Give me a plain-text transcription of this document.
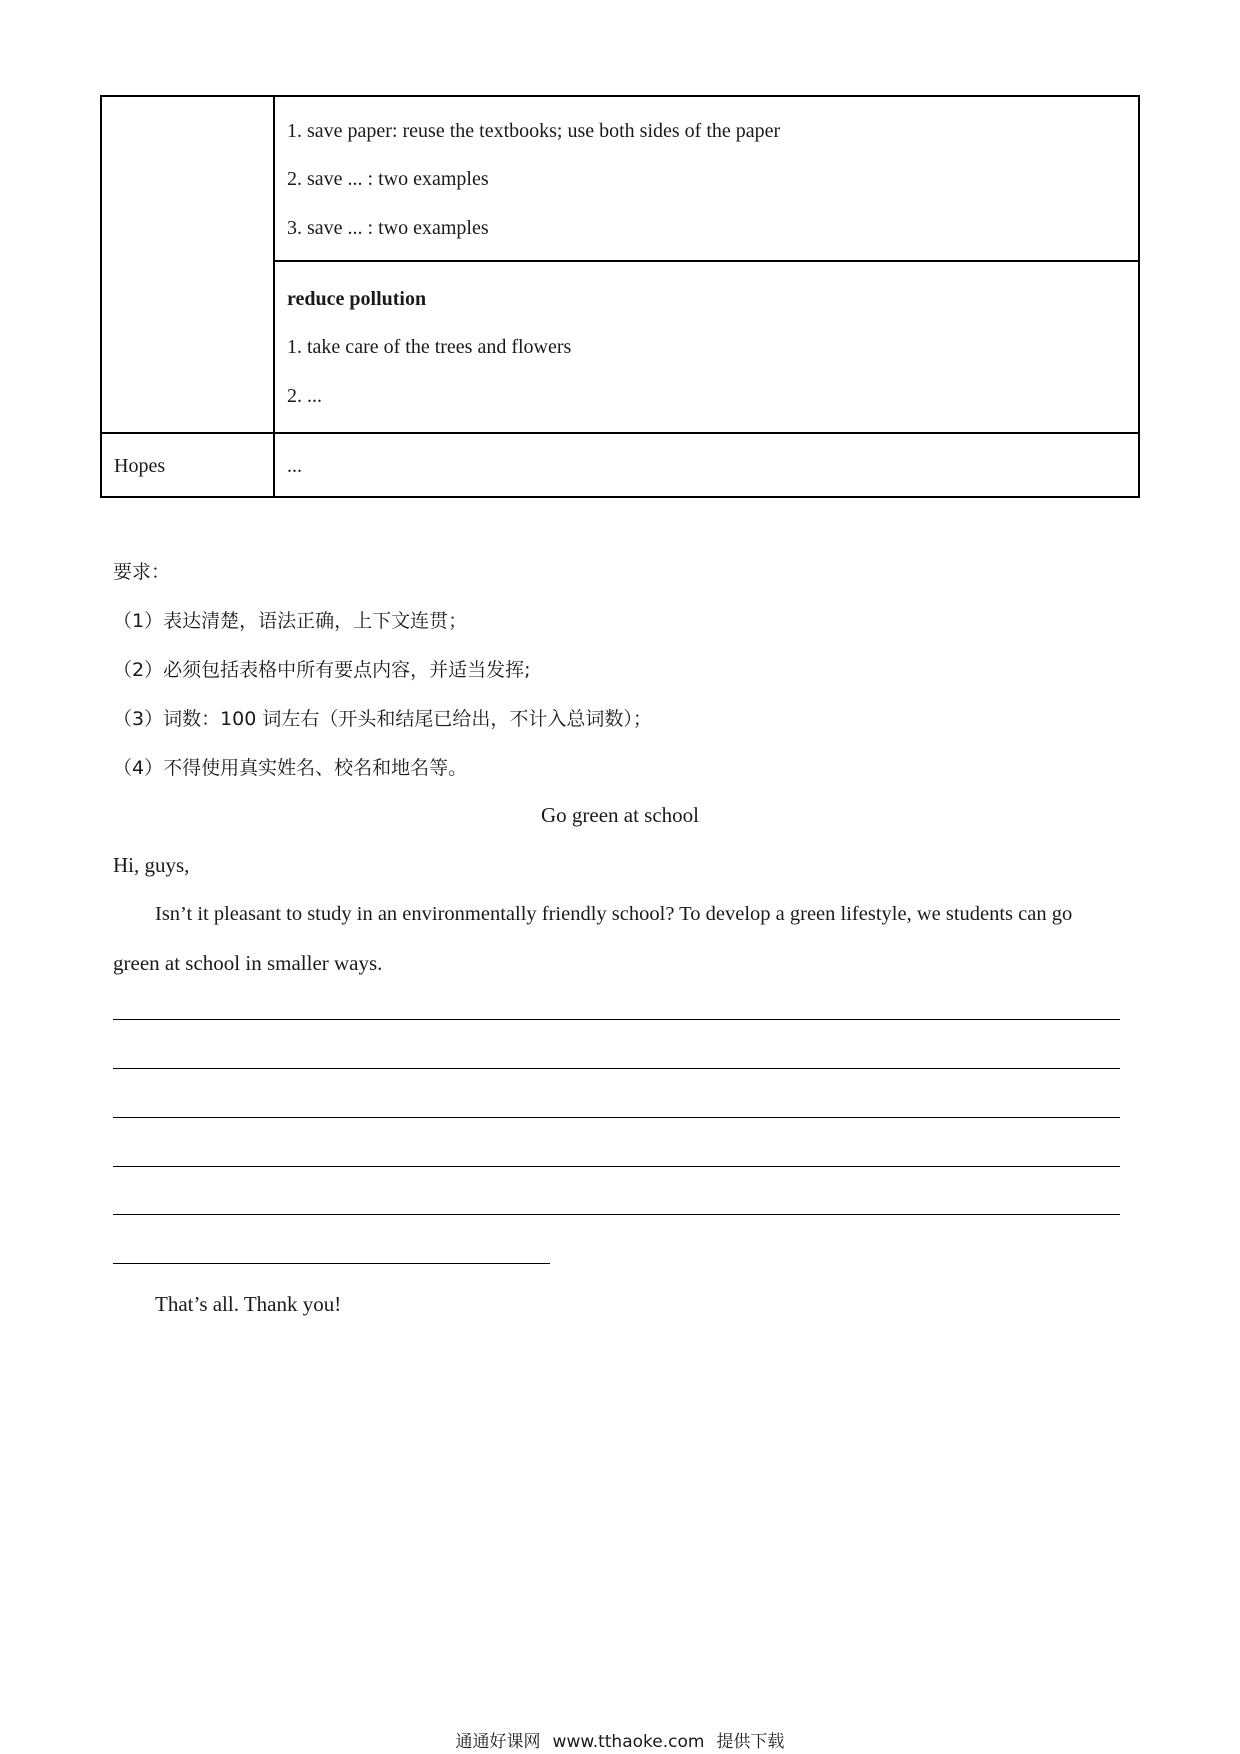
1. save paper: reuse the textbooks; use both sides of the paper
2. save ... : two examples
3. save ... : two examples
reduce pollution
1. take care of the trees and flowers
2. ...
Hopes	...
要求：
（1）表达清楚，语法正确，上下文连贯；
（2）必须包括表格中所有要点内容，并适当发挥;
（3）词数：100 词左右（开头和结尾已给出，不计入总词数）；
（4）不得使用真实姓名、校名和地名等。
Go green at school
Hi, guys,
Isn’t it pleasant to study in an environmentally friendly school? To develop a green lifestyle, we students can go
green at school in smaller ways.
That’s all. Thank you!
通通好课网 www.tthaoke.com 提供下载
